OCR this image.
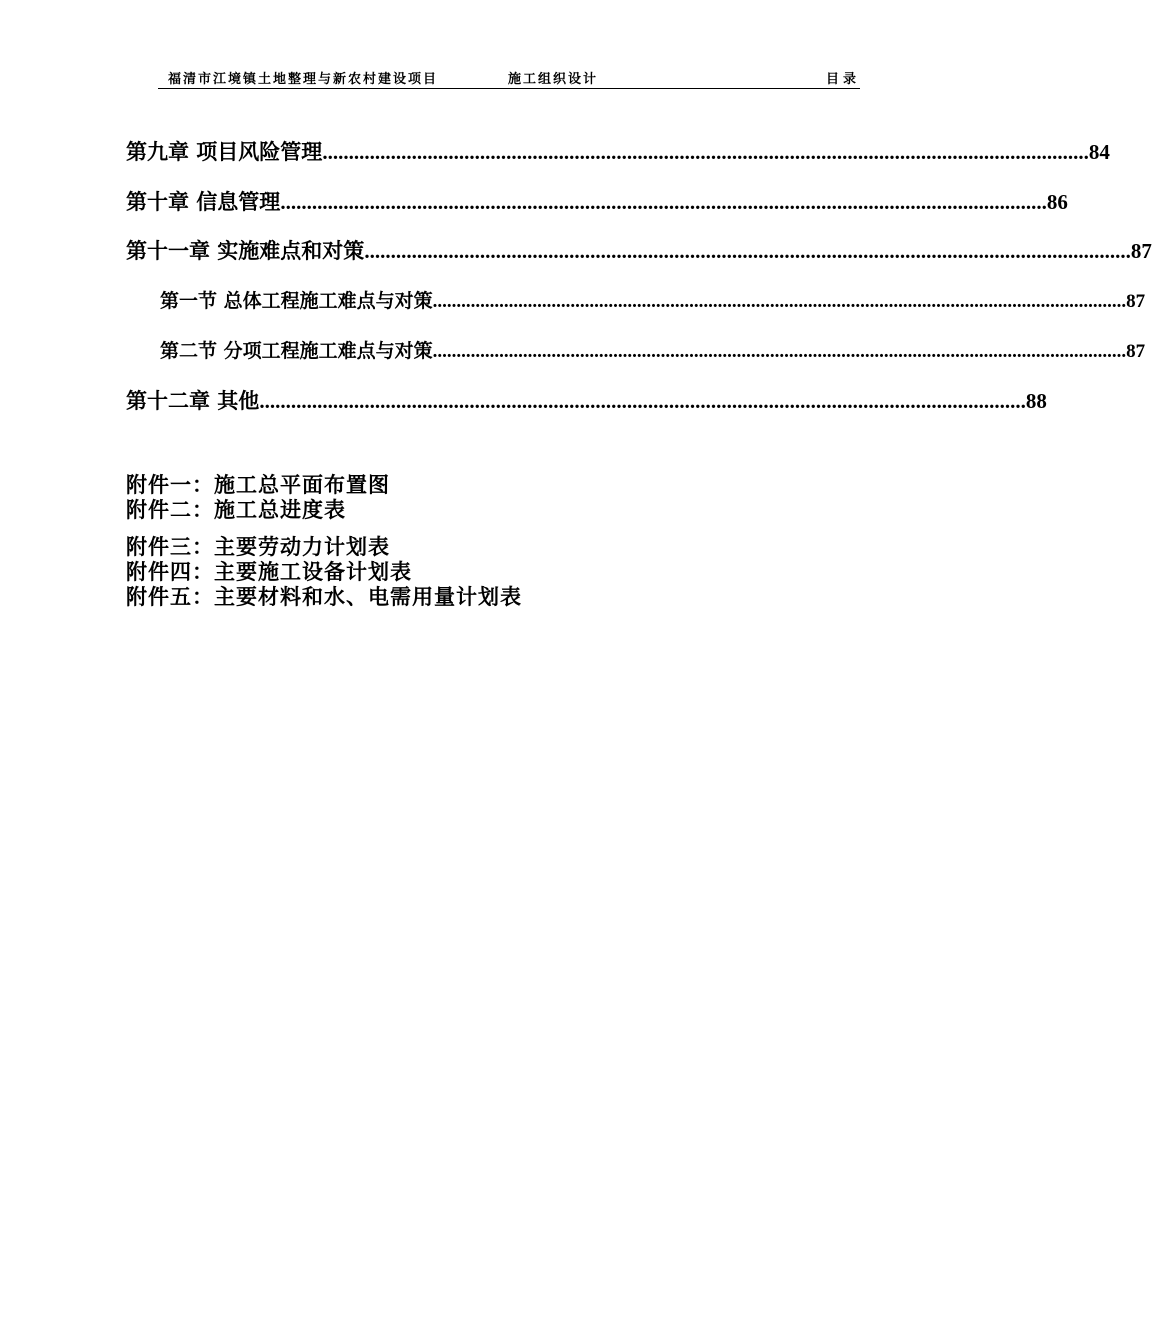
福清市江境镇土地整理与新农村建设项目	施工组织设计	目录
第九章 项目风险管理 .................................................................................................................................................. 84
第十章 信息管理 .................................................................................................................................................. 86
第十一章 实施难点和对策 .................................................................................................................................................. 87
第一节 总体工程施工难点与对策 .................................................................................................................................................. 87
第二节 分项工程施工难点与对策 .................................................................................................................................................. 87
第十二章 其他 .................................................................................................................................................. 88
附件一：施工总平面布置图
附件二：施工总进度表
附件三：主要劳动力计划表
附件四：主要施工设备计划表
附件五：主要材料和水、电需用量计划表
